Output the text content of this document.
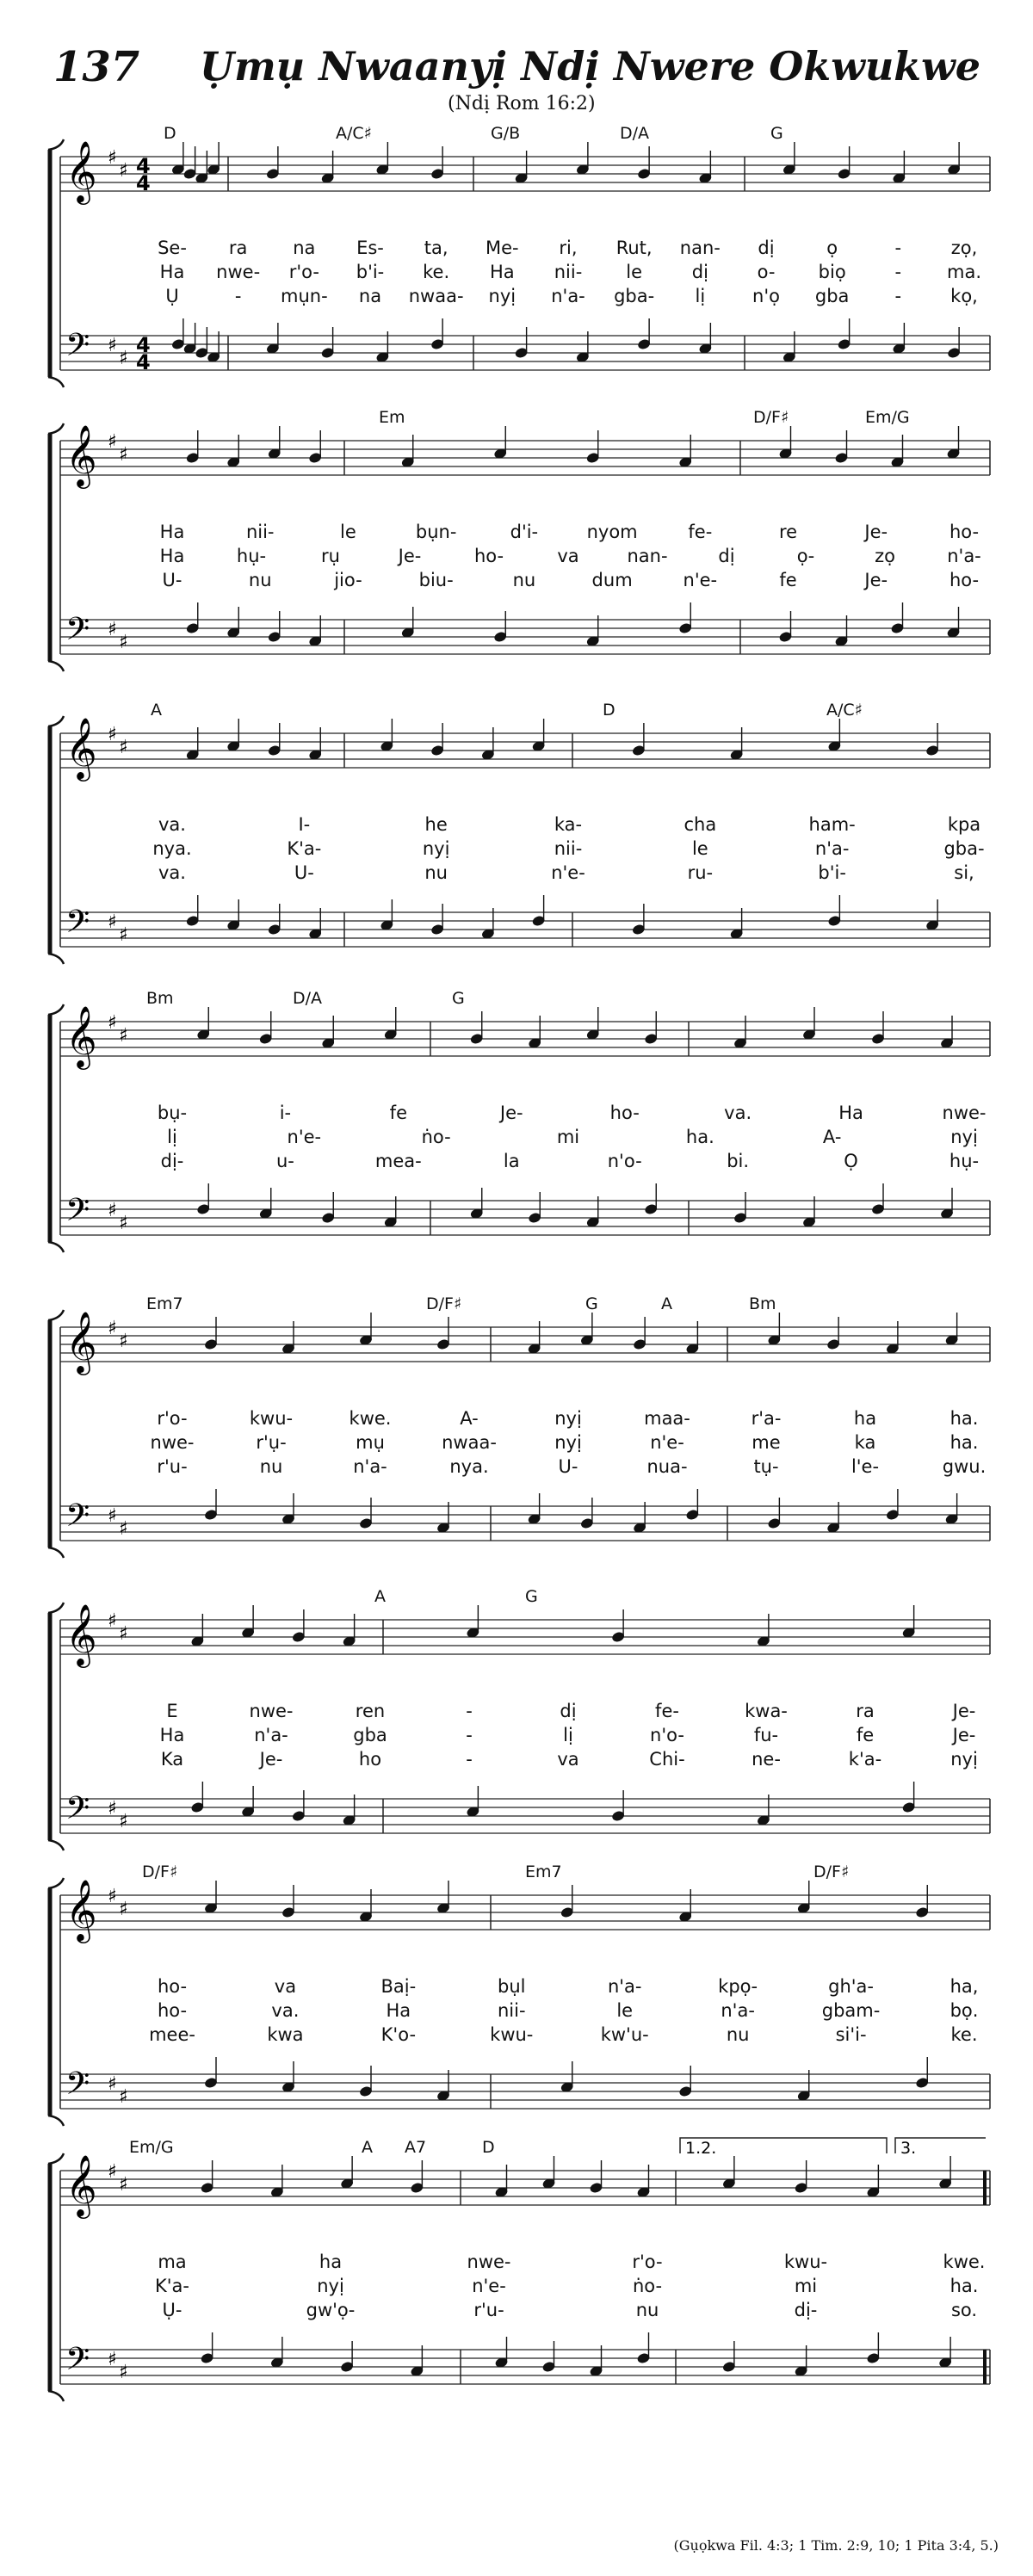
137 Ụmụ Nwaanyị Ndị Nwere Okwukwe
(Ndị Rom 16:2)
𝄞
𝄢
♯
♯
♯
♯
4
4
4
4
D	A/C♯	G/B	D/A	G
Se- ra	na Es- ta, Me- ri, Rut, nan- dị	ọ	-	zọ,
Ha nwe- r'o- b'i- ke. Ha nii- le	dị	o- biọ	-	ma.
Ụ	- mụn- na nwaa- nyị n'a- gba- lị	n'ọ gba	-	kọ,
𝄞
𝄢
♯
♯
♯
♯
Em	D/F♯	Em/G
Ha	nii-	le	bụn-	d'i-	nyom	fe-	re	Je-	ho-
Ha	hụ-	rụ	Je-	ho-	va	nan-	dị	ọ-	zọ	n'a-
U-	nu	jio-	biu-	nu	dum	n'e-	fe	Je-	ho-
𝄞
𝄢
♯
♯
♯
♯
A	D	A/C♯
va.	I-	he	ka-	cha	ham-	kpa
nya.	K'a-	nyị	nii-	le	n'a-	gba-
va.	U-	nu	n'e-	ru-	b'i-	si,
𝄞
𝄢
♯
♯
♯
♯
Bm	D/A	G
bụ-	i-	fe	Je-	ho-	va.	Ha	nwe-
lị	n'e-	ṅo-	mi	ha.	A-	nyị
dị-	u-	mea-	la	n'o-	bi.	Ọ	hụ-
𝄞
𝄢
♯
♯
♯
♯
Em7	D/F♯	G	A	Bm
r'o-	kwu-	kwe.	A-	nyị	maa-	r'a-	ha	ha.
nwe-	r'ụ-	mụ	nwaa-	nyị	n'e-	me	ka	ha.
r'u-	nu	n'a-	nya.	U-	nua-	tụ-	l'e-	gwu.
𝄞
𝄢
♯
♯
♯
♯
A	G
E	nwe-	ren	-	dị	fe-	kwa-	ra	Je-
Ha	n'a-	gba	-	lị	n'o-	fu-	fe	Je-
Ka	Je-	ho	-	va	Chi-	ne-	k'a-	nyị
𝄞
𝄢
♯
♯
♯
♯
D/F♯	Em7	D/F♯
ho-	va	Baị-	bụl	n'a-	kpọ-	gh'a-	ha,
ho-	va.	Ha	nii-	le	n'a-	gbam-	bọ.
mee-	kwa	K'o-	kwu-	kw'u-	nu	si'i-	ke.
𝄞
𝄢
♯
♯
♯
♯
1.2.	3.
Em/G	A A7	D
ma	ha	nwe-	r'o-	kwu-	kwe.
K'a-	nyị	n'e-	ṅo-	mi	ha.
Ụ-	gw'ọ-	r'u-	nu	dị-	so.
(Gụọkwa Fil. 4:3; 1 Tim. 2:9, 10; 1 Pita 3:4, 5.)
